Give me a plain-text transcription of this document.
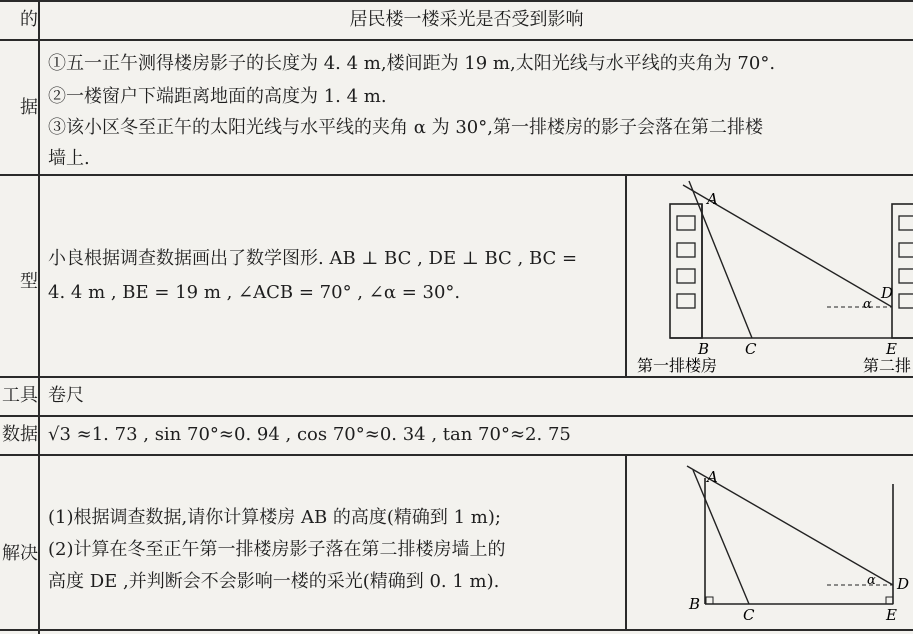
的	居民楼一楼采光是否受到影响
据
①五一正午测得楼房影子的长度为 4. 4 m,楼间距为 19 m,太阳光线与水平线的夹角为 70°.
②一楼窗户下端距离地面的高度为 1. 4 m.
③该小区冬至正午的太阳光线与水平线的夹角 α 为 30°,第一排楼房的影子会落在第二排楼
墙上.
型
小良根据调查数据画出了数学图形. AB ⊥ BC , DE ⊥ BC , BC =
4. 4 m , BE = 19 m , ∠ACB = 70° , ∠α = 30°.
A
B C
D
E
α
第一排楼房	第二排
工具 卷尺
数据 √3 ≈1. 73 , sin 70°≈0. 94 , cos 70°≈0. 34 , tan 70°≈2. 75
解决
(1)根据调查数据,请你计算楼房 AB 的高度(精确到 1 m);
(2)计算在冬至正午第一排楼房影子落在第二排楼房墙上的
高度 DE ,并判断会不会影响一楼的采光(精确到 0. 1 m).
A
B
C
D
E
α
